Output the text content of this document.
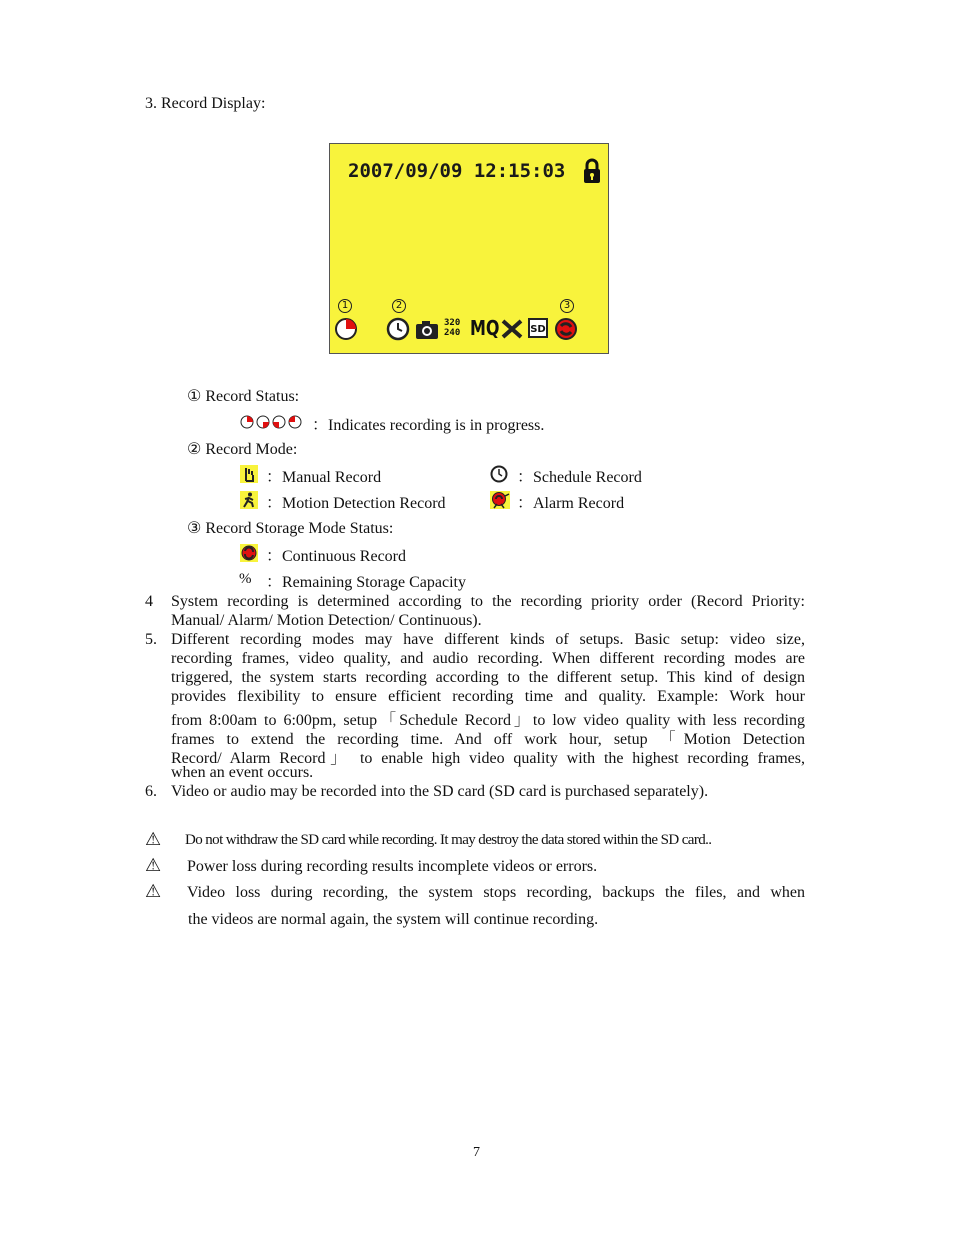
3. Record Display:
2007/09/09 12:15:03
1	2	3
320
240 MQ	SD
① Record Status:
：Indicates recording is in progress.
② Record Mode:
：Manual Record	：Schedule Record
：Motion Detection Record	：Alarm Record
③ Record Storage Mode Status:
：Continuous Record
% ：Remaining Storage Capacity
4 System recording is determined according to the recording priority order (Record Priority:
Manual/ Alarm/ Motion Detection/ Continuous).
5. Different recording modes may have different kinds of setups. Basic setup: video size,
recording frames, video quality, and audio recording. When different recording modes are
triggered, the system starts recording according to the different setup. This kind of design
provides flexibility to ensure efficient recording time and quality. Example: Work hour
from 8:00am to 6:00pm, setup「Schedule Record」to low video quality with less recording
frames to extend the recording time. And off work hour, setup 「Motion Detection
Record/ Alarm Record」 to enable high video quality with the highest recording frames,
when an event occurs.
6. Video or audio may be recorded into the SD card (SD card is purchased separately).
⚠ Do not withdraw the SD card while recording. It may destroy the data stored within the SD card..
⚠ Power loss during recording results incomplete videos or errors.
⚠ Video loss during recording, the system stops recording, backups the files, and when
the videos are normal again, the system will continue recording.
7
